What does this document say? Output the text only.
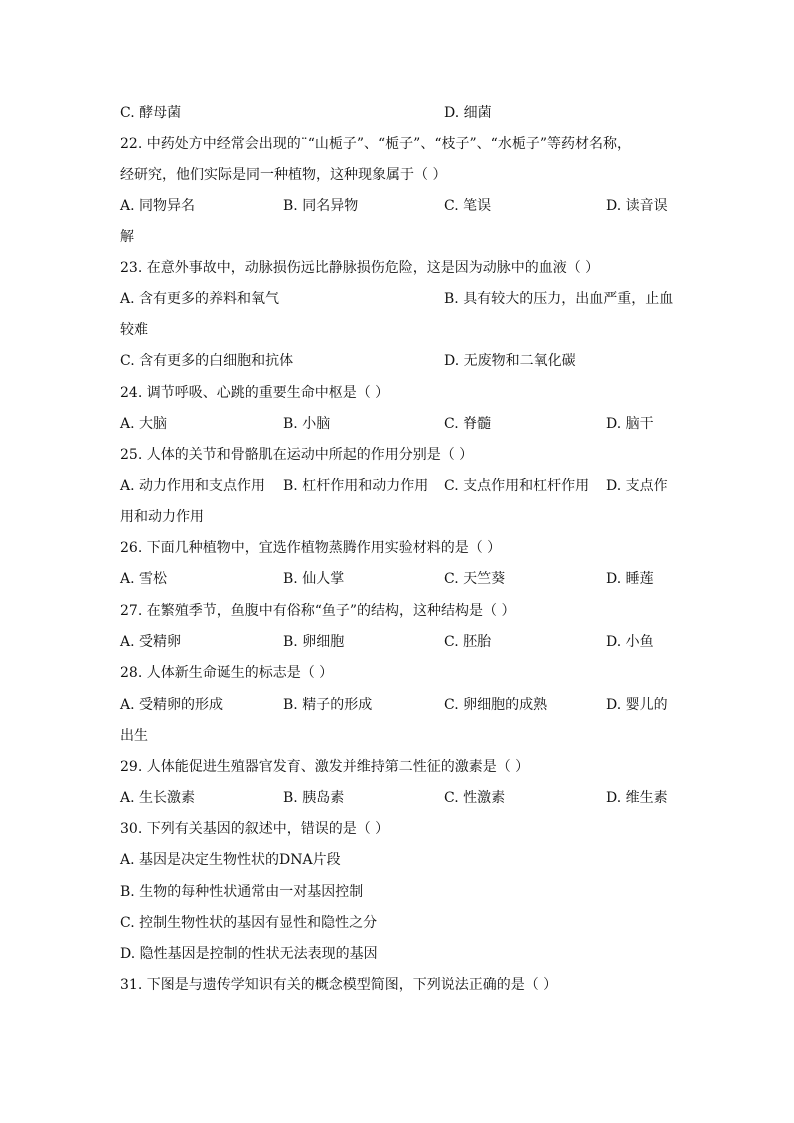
C. 酵母菌	D. 细菌
22. 中药处方中经常会出现的¨“山栀子”、“栀子”、“枝子”、“水栀子”等药材名称，
经研究，他们实际是同一种植物，这种现象属于（ ）
A. 同物异名	B. 同名异物	C. 笔误	D. 读音误
解
23. 在意外事故中，动脉损伤远比静脉损伤危险，这是因为动脉中的血液（ ）
A. 含有更多的养料和氧气	B. 具有较大的压力，出血严重，止血
较难
C. 含有更多的白细胞和抗体	D. 无废物和二氧化碳
24. 调节呼吸、心跳的重要生命中枢是（ ）
A. 大脑	B. 小脑	C. 脊髓	D. 脑干
25. 人体的关节和骨骼肌在运动中所起的作用分别是（ ）
A. 动力作用和支点作用 B. 杠杆作用和动力作用 C. 支点作用和杠杆作用 D. 支点作
用和动力作用
26. 下面几种植物中，宜选作植物蒸腾作用实验材料的是（ ）
A. 雪松	B. 仙人掌	C. 天竺葵	D. 睡莲
27. 在繁殖季节，鱼腹中有俗称“鱼子”的结构，这种结构是（ ）
A. 受精卵	B. 卵细胞	C. 胚胎	D. 小鱼
28. 人体新生命诞生的标志是（ ）
A. 受精卵的形成	B. 精子的形成	C. 卵细胞的成熟	D. 婴儿的
出生
29. 人体能促进生殖器官发育、激发并维持第二性征的激素是（ ）
A. 生长激素	B. 胰岛素	C. 性激素	D. 维生素
30. 下列有关基因的叙述中，错误的是（ ）
A. 基因是决定生物性状的DNA片段
B. 生物的每种性状通常由一对基因控制
C. 控制生物性状的基因有显性和隐性之分
D. 隐性基因是控制的性状无法表现的基因
31. 下图是与遗传学知识有关的概念模型简图，下列说法正确的是（ ）
